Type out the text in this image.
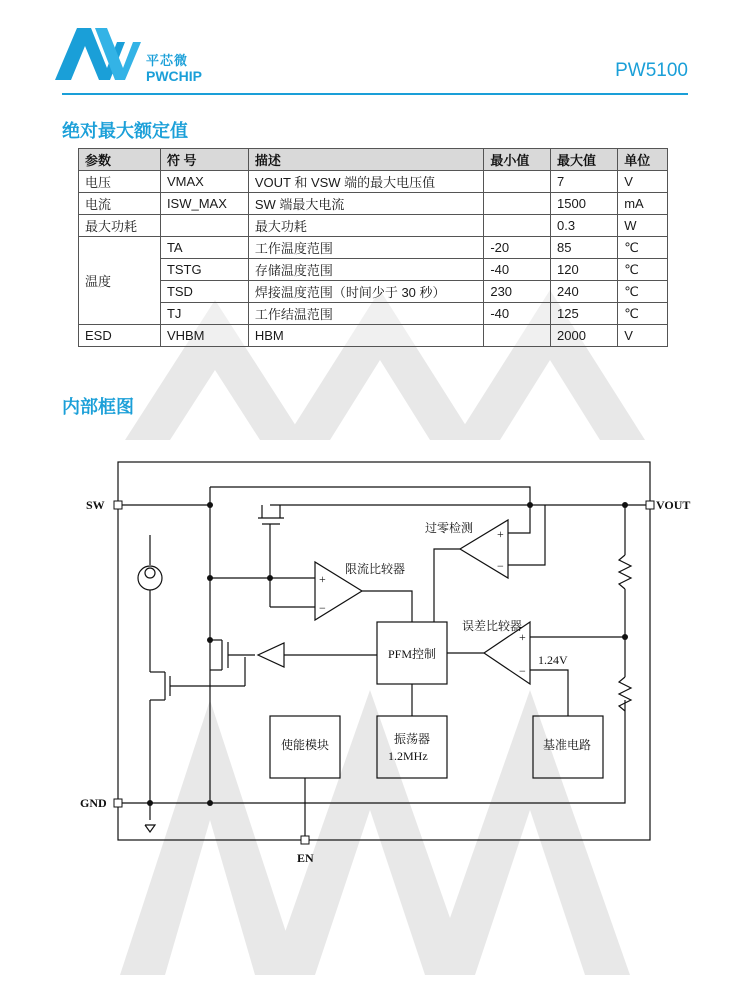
平芯微
PWCHIP	PW5100
绝对最大额定值
参数	符 号	描述	最小值	最大值	单位
电压	VMAX	VOUT 和 VSW 端的最大电压值		7	V
电流	ISW_MAX	SW 端最大电流		1500	mA
最大功耗		最大功耗		0.3	W
温度	TA	工作温度范围	-20	85	℃
	TSTG	存储温度范围	-40	120	℃
	TSD	焊接温度范围（时间少于 30 秒）	230	240	℃
	TJ	工作结温范围	-40	125	℃
ESD	VHBM	HBM		2000	V
内部框图
SW	VOUT
GND
EN
过零检测
限流比较器
误差比较器
PFM控制	1.24V
使能模块	振荡器
1.2MHz
基准电路
+
−
+
−
+
−
